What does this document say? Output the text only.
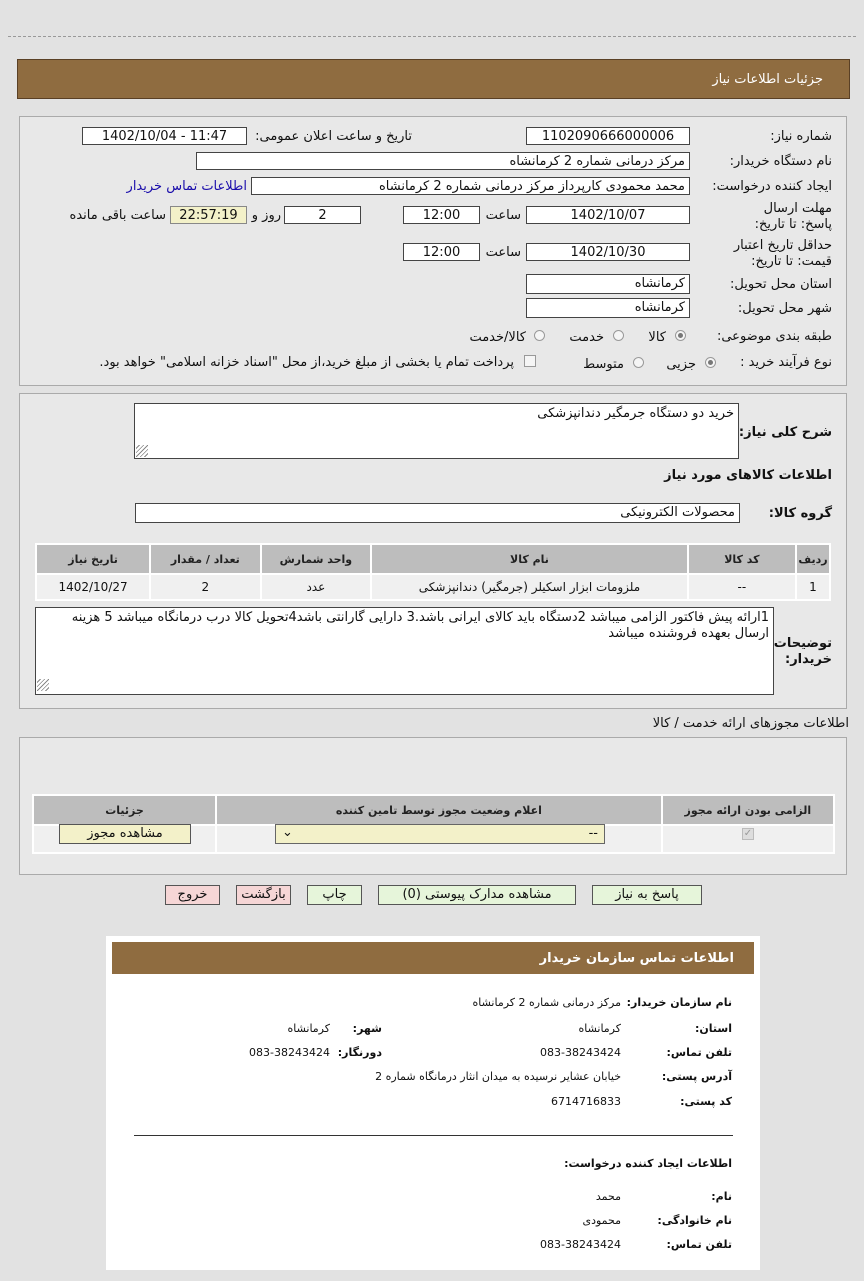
جزئیات اطلاعات نیاز
شماره نیاز:
1102090666000006
تاریخ و ساعت اعلان عمومی:
1402/10/04 - 11:47
نام دستگاه خریدار:
مرکز درمانی شماره 2 کرمانشاه
ایجاد کننده درخواست:
محمد محمودی کارپرداز مرکز درمانی شماره 2 کرمانشاه
اطلاعات تماس خریدار
مهلت ارسال پاسخ: تا تاریخ:
1402/10/07
ساعت
12:00
2
روز و
22:57:19
ساعت باقی مانده
حداقل تاریخ اعتبار قیمت: تا تاریخ:
1402/10/30
ساعت
12:00
استان محل تحویل:
کرمانشاه
شهر محل تحویل:
کرمانشاه
طبقه بندی موضوعی:
کالا
خدمت
کالا/خدمت
نوع فرآیند خرید :
جزیی
متوسط
پرداخت تمام یا بخشی از مبلغ خرید،از محل "اسناد خزانه اسلامی" خواهد بود.
شرح کلی نیاز:
خرید دو دستگاه جرمگیر دندانپزشکی
اطلاعات کالاهای مورد نیاز
گروه کالا:
محصولات الکترونیکی
تاریخ نیاز	تعداد / مقدار	واحد شمارش	نام کالا	کد کالا	ردیف
1402/10/27	2	عدد	ملزومات ابزار اسکیلر (جرمگیر) دندانپزشکی	--	1
توضیحات خریدار:
1ارائه پیش فاکتور الزامی میباشد 2دستگاه باید کالای ایرانی باشد.3 دارایی گارانتی باشد4تحویل کالا درب درمانگاه میباشد 5 هزینه ارسال بعهده فروشنده میباشد
اطلاعات مجوزهای ارائه خدمت / کالا
جزئیات	اعلام وضعیت مجوز توسط تامین کننده	الزامی بودن ارائه مجوز

مشاهده مجوز	⌄	--	✓
پاسخ به نیاز
مشاهده مدارک پیوستی (0)
چاپ
بازگشت
خروج
اطلاعات تماس سازمان خریدار
نام سازمان خریدار:
مرکز درمانی شماره 2 کرمانشاه
استان:
کرمانشاه
شهر:
کرمانشاه
تلفن تماس:
083-38243424
دورنگار:
083-38243424
آدرس پستی:
خیابان عشایر نرسیده به میدان انثار درمانگاه شماره 2
کد پستی:
6714716833
اطلاعات ایجاد کننده درخواست:
نام:
محمد
نام خانوادگی:
محمودی
تلفن تماس:
083-38243424
